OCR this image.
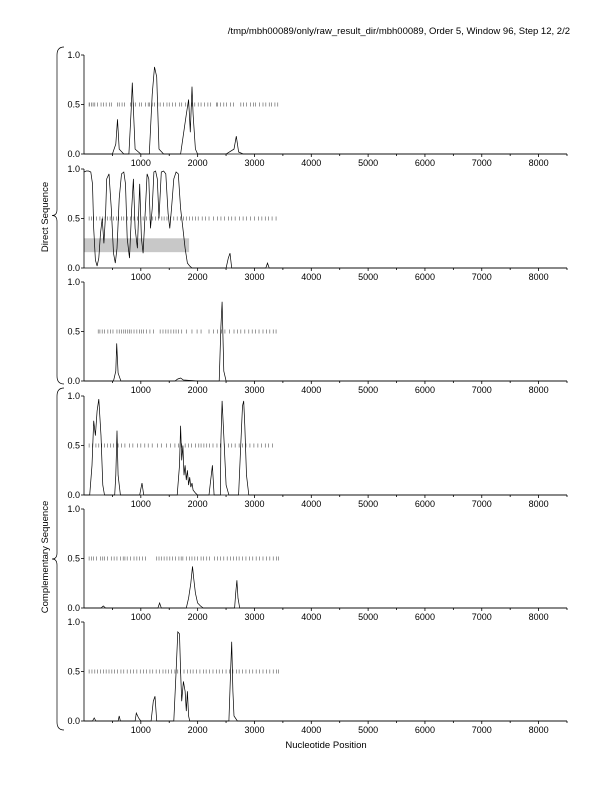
/tmp/mbh00089/only/raw_result_dir/mbh00089, Order 5, Window 96, Step 12, 2/2
0.0
0.5
1.0
1000	2000	3000	4000	5000	6000	7000	8000
0.0
0.5
1.0
1000	2000	3000	4000	5000	6000	7000	8000
0.0
0.5
1.0
1000	2000	3000	4000	5000	6000	7000	8000
0.0
0.5
1.0
1000	2000	3000	4000	5000	6000	7000	8000
0.0
0.5
1.0
1000	2000	3000	4000	5000	6000	7000	8000
0.0
0.5
1.0
1000	2000	3000	4000	5000	6000	7000	8000
Direct Sequence
Complementary Sequence
Nucleotide Position
